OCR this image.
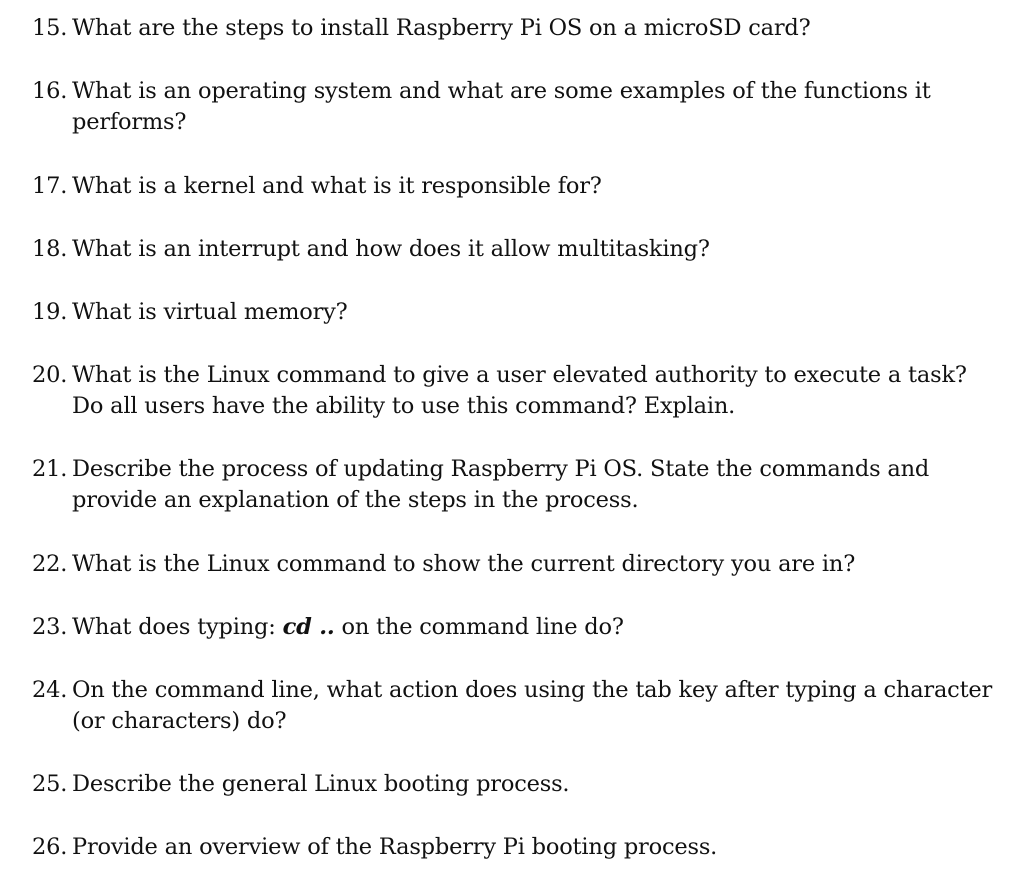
15. What are the steps to install Raspberry Pi OS on a microSD card?
16. What is an operating system and what are some examples of the functions it
performs?
17. What is a kernel and what is it responsible for?
18. What is an interrupt and how does it allow multitasking?
19. What is virtual memory?
20. What is the Linux command to give a user elevated authority to execute a task?
Do all users have the ability to use this command? Explain.
21. Describe the process of updating Raspberry Pi OS. State the commands and
provide an explanation of the steps in the process.
22. What is the Linux command to show the current directory you are in?
23. What does typing: cd .. on the command line do?
24. On the command line, what action does using the tab key after typing a character
(or characters) do?
25. Describe the general Linux booting process.
26. Provide an overview of the Raspberry Pi booting process.
